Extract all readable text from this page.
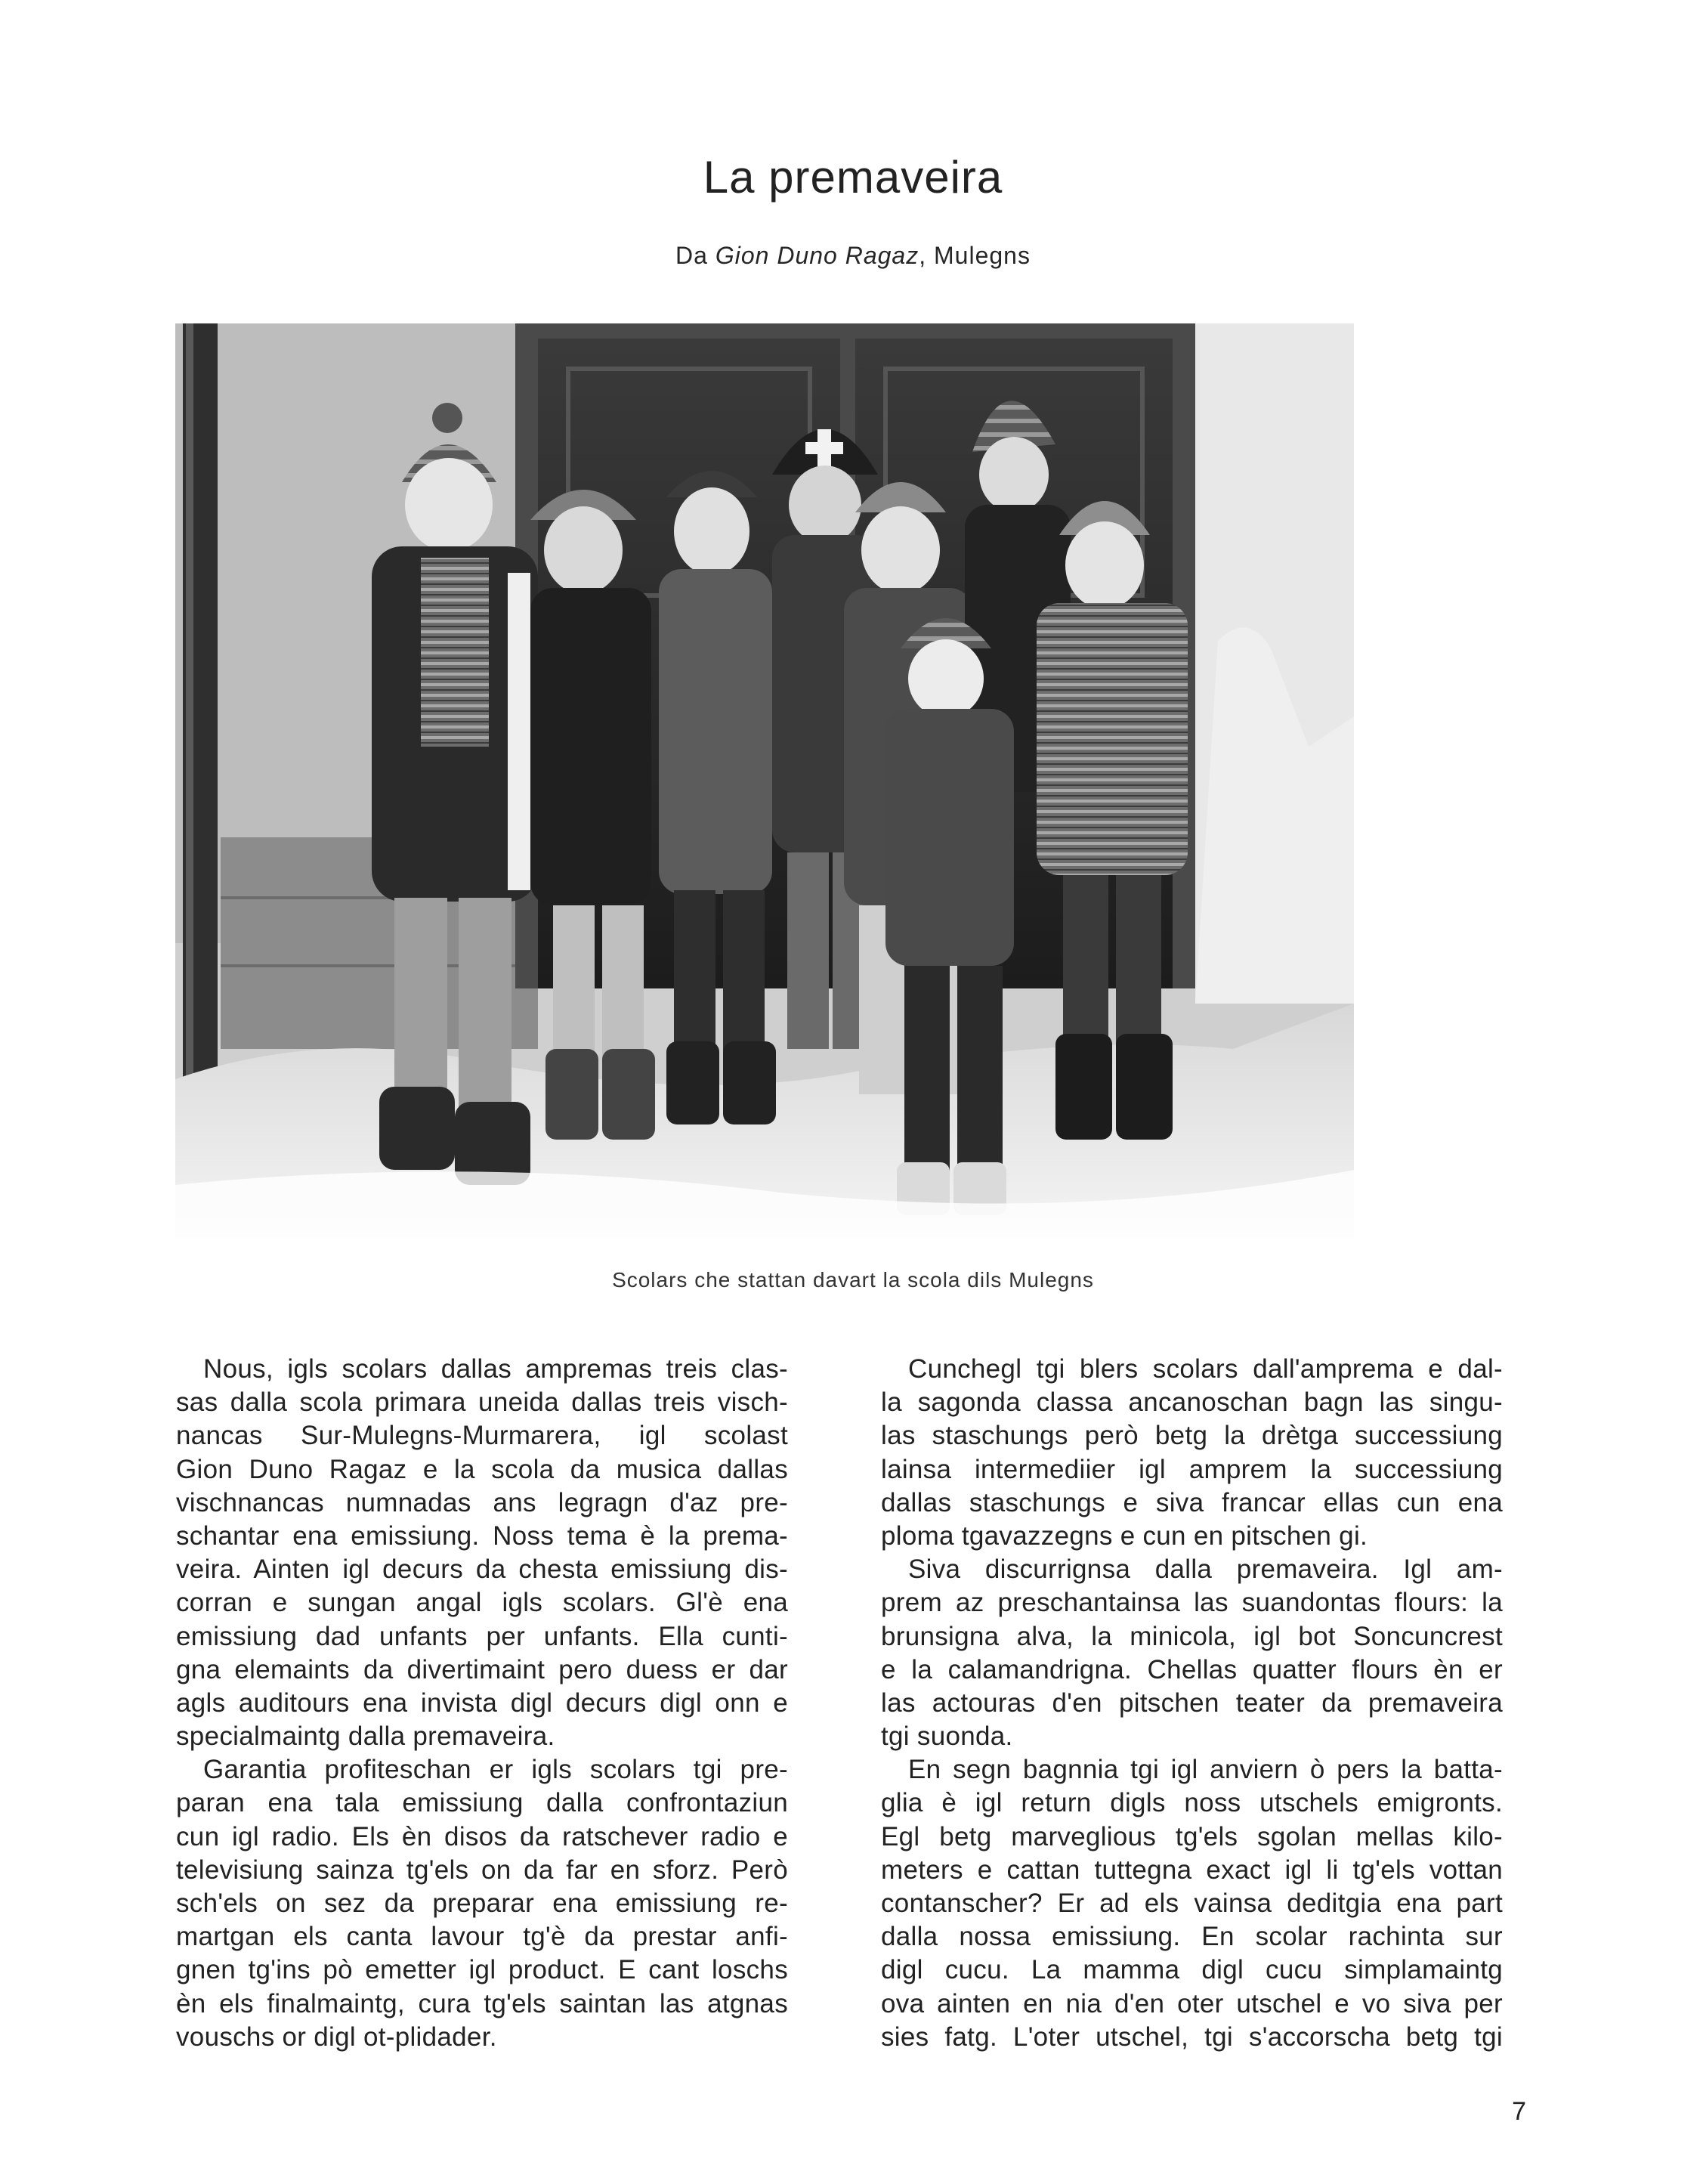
La premaveira
Da Gion Duno Ragaz, Mulegns
Scolars che stattan davart la scola dils Mulegns
Nous, igls scolars dallas ampremas treis clas-
sas dalla scola primara uneida dallas treis visch-
nancas Sur-Mulegns-Murmarera, igl scolast
Gion Duno Ragaz e la scola da musica dallas
vischnancas numnadas ans legragn d'az pre-
schantar ena emissiung. Noss tema è la prema-
veira. Ainten igl decurs da chesta emissiung dis-
corran e sungan angal igls scolars. Gl'è ena
emissiung dad unfants per unfants. Ella cunti-
gna elemaints da divertimaint pero duess er dar
agls auditours ena invista digl decurs digl onn e
specialmaintg dalla premaveira.
Garantia profiteschan er igls scolars tgi pre-
paran ena tala emissiung dalla confrontaziun
cun igl radio. Els èn disos da ratschever radio e
televisiung sainza tg'els on da far en sforz. Però
sch'els on sez da preparar ena emissiung re-
martgan els canta lavour tg'è da prestar anfi-
gnen tg'ins pò emetter igl product. E cant loschs
èn els finalmaintg, cura tg'els saintan las atgnas
vouschs or digl ot-plidader.
Cunchegl tgi blers scolars dall'amprema e dal-
la sagonda classa ancanoschan bagn las singu-
las staschungs però betg la drètga successiung
lainsa intermediier igl amprem la successiung
dallas staschungs e siva francar ellas cun ena
ploma tgavazzegns e cun en pitschen gi.
Siva discurrignsa dalla premaveira. Igl am-
prem az preschantainsa las suandontas flours: la
brunsigna alva, la minicola, igl bot Soncuncrest
e la calamandrigna. Chellas quatter flours èn er
las actouras d'en pitschen teater da premaveira
tgi suonda.
En segn bagnnia tgi igl anviern ò pers la batta-
glia è igl return digls noss utschels emigronts.
Egl betg marveglious tg'els sgolan mellas kilo-
meters e cattan tuttegna exact igl li tg'els vottan
contanscher? Er ad els vainsa deditgia ena part
dalla nossa emissiung. En scolar rachinta sur
digl cucu. La mamma digl cucu simplamaintg
ova ainten en nia d'en oter utschel e vo siva per
sies fatg. L'oter utschel, tgi s'accorscha betg tgi
7
